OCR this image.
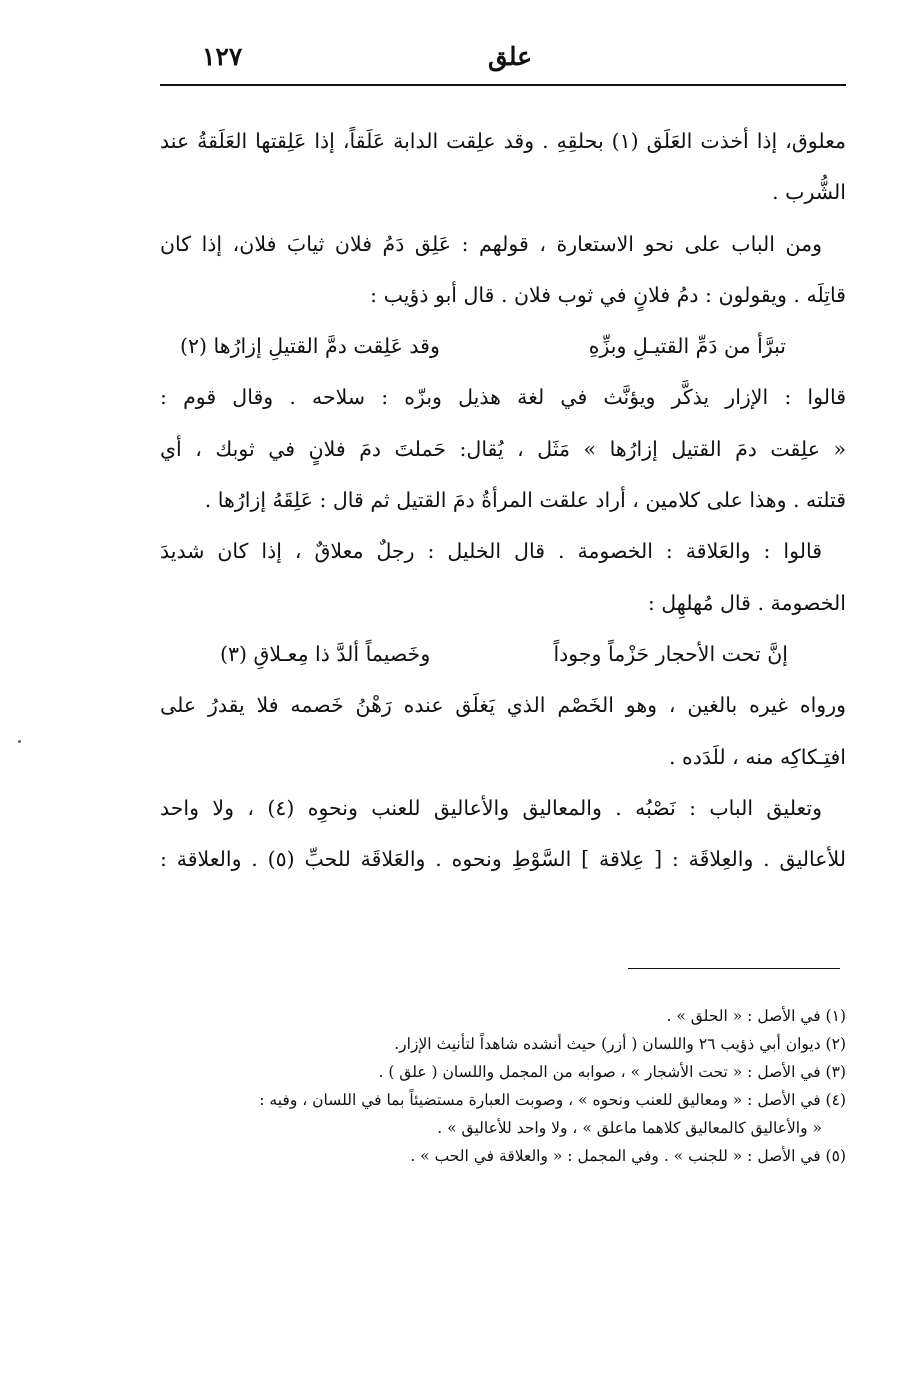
١٢٧	علق
معلوق، إذا أخذت العَلَق (١) بحلقِهِ . وقد علِقت الدابة عَلَقاً، إذا عَلِقتها العَلَقةُ عند
الشُّرب .
ومن الباب على نحو الاستعارة ، قولهم : عَلِق دَمُ فلان ثيابَ فلان، إذا كان
قاتِلَه . ويقولون : دمُ فلانٍ في ثوب فلان . قال أبو ذؤيب :
تبرَّأ من دَمِّ القتيـلِ وبزِّهِ
وقد عَلِقت دمَّ القتيلِ إزارُها (٢)
قالوا : الإزار يذكَّر ويؤنَّث في لغة هذيل وبزّه : سلاحه . وقال قوم :
« علِقت دمَ القتيل إزارُها » مَثَل ، يُقال: حَملتَ دمَ فلانٍ في ثوبك ، أي
قتلته . وهذا على كلامين ، أراد علقت المرأةُ دمَ القتيل ثم قال : عَلِقَهُ إزارُها .
قالوا : والعَلاقة : الخصومة . قال الخليل : رجلٌ معلاقٌ ، إذا كان شديدَ
الخصومة . قال مُهلهِل :
إنَّ تحت الأحجار حَزْماً وجوداً
وخَصيماً ألدَّ ذا مِعـلاقِ (٣)
ورواه غيره بالغين ، وهو الخَصْم الذي يَغلَق عنده رَهْنُ خَصمه فلا يقدرُ على
افتِـكاكِه منه ، للَدَده .
وتعليق الباب : نَصْبُه . والمعاليق والأعاليق للعنب ونحوِه (٤) ، ولا واحد
للأعاليق . والعِلاقَة : [ عِلاقة ] السَّوْطِ ونحوه . والعَلاقَة للحبِّ (٥) . والعلاقة :
(١) في الأصل : « الحلق » .
(٢) ديوان أبي ذؤيب ٢٦ واللسان ( أزر) حيث أنشده شاهداً لتأنيث الإزار.
(٣) في الأصل : « تحت الأشجار » ، صوابه من المجمل واللسان ( علق ) .
(٤) في الأصل : « ومعاليق للعنب ونحوه » ، وصوبت العبارة مستضيئاً بما في اللسان ، وفيه :
« والأعاليق كالمعاليق كلاهما ماعلق » ، ولا واحد للأعاليق » .
(٥) في الأصل : « للجنب » . وفي المجمل : « والعلاقة في الحب » .
